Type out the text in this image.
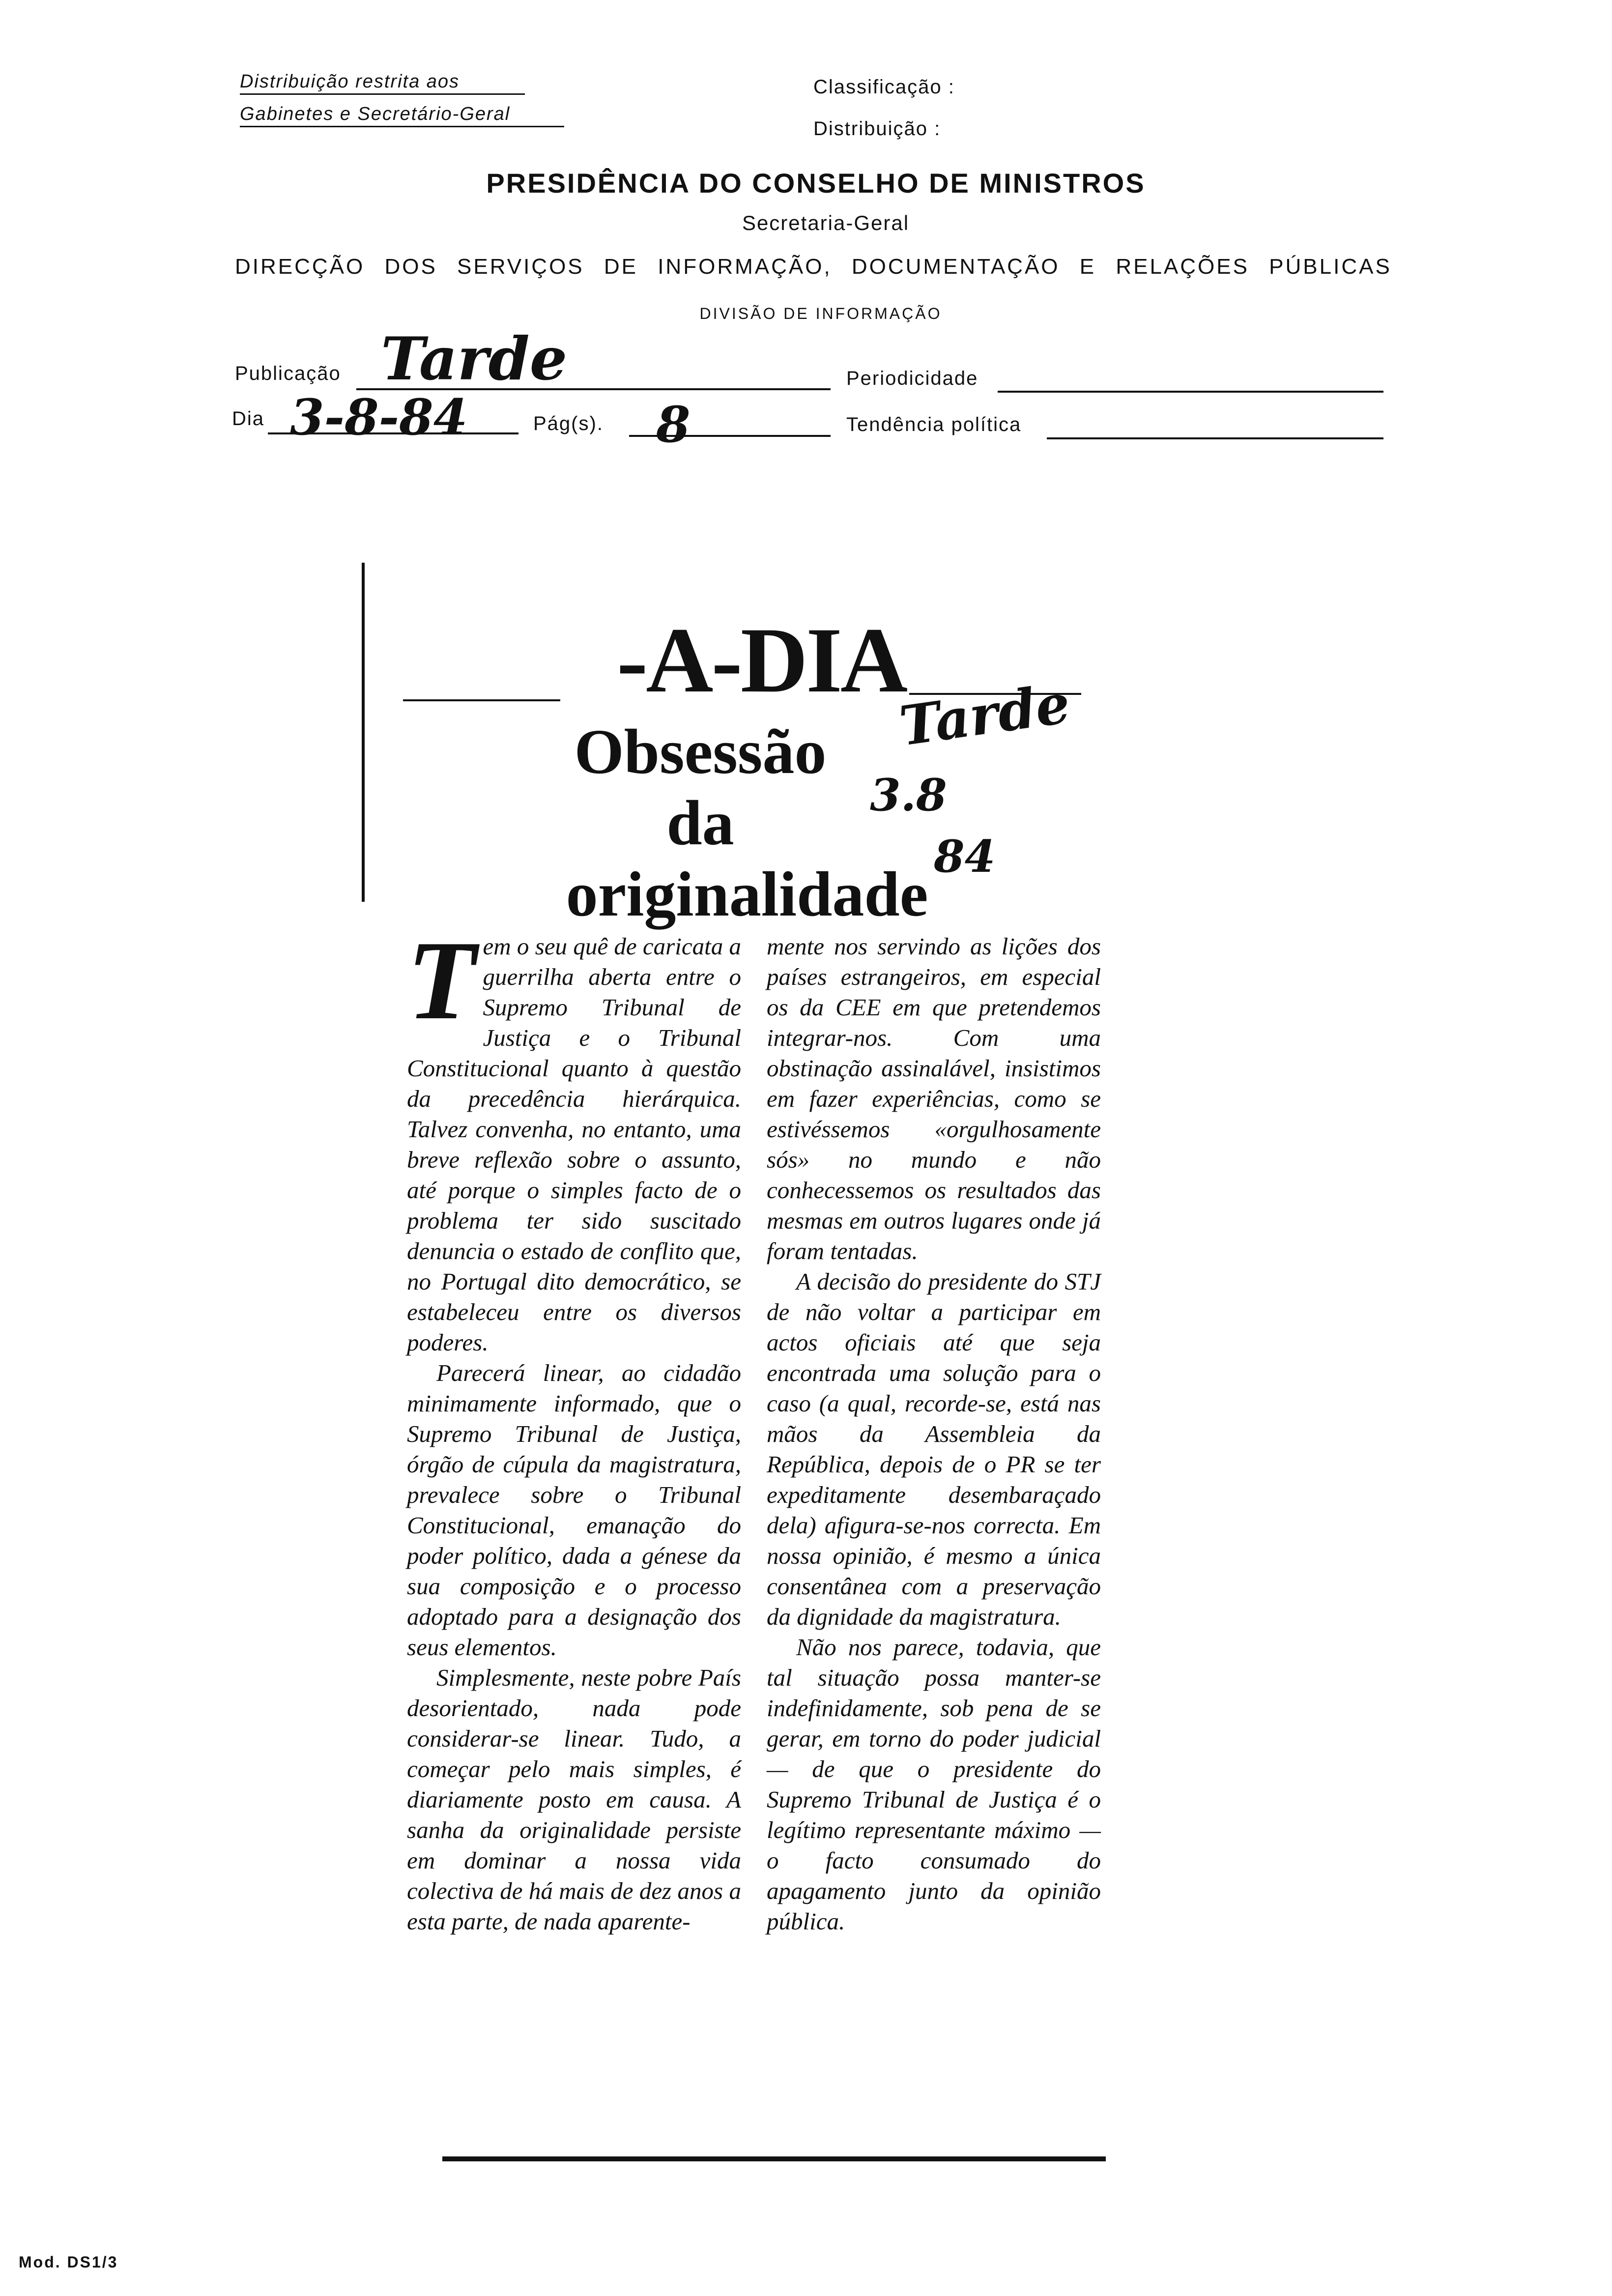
Distribuição restrita aos
Gabinetes e Secretário-Geral
Classificação :
Distribuição :
PRESIDÊNCIA DO CONSELHO DE MINISTROS
Secretaria-Geral
DIRECÇÃO DOS SERVIÇOS DE INFORMAÇÃO, DOCUMENTAÇÃO E RELAÇÕES PÚBLICAS
DIVISÃO DE INFORMAÇÃO
Publicação Tarde	Periodicidade
Dia 3-8-84	Pág(s). 8	Tendência política
-A-DIA
Obsessão
da
originalidade
Tarde
3.8
84

Tem o seu quê de caricata a guerrilha aberta entre o Supremo Tribunal de Justiça e o Tribunal Constitucional quanto à questão da precedência hierárquica. Talvez convenha, no entanto, uma breve reflexão sobre o assunto, até porque o simples facto de o problema ter sido suscitado denuncia o estado de conflito que, no Portugal dito democrático, se estabeleceu entre os diversos poderes.

Parecerá linear, ao cidadão minimamente informado, que o Supremo Tribunal de Justiça, órgão de cúpula da magistratura, prevalece sobre o Tribunal Constitucional, emanação do poder político, dada a génese da sua composição e o processo adoptado para a designação dos seus elementos.

Simplesmente, neste pobre País desorientado, nada pode considerar-se linear. Tudo, a começar pelo mais simples, é diariamente posto em causa. A sanha da originalidade persiste em dominar a nossa vida colectiva de há mais de dez anos a esta parte, de nada aparente-

mente nos servindo as lições dos países estrangeiros, em especial os da CEE em que pretendemos integrar-nos. Com uma obstinação assinalável, insistimos em fazer experiências, como se estivéssemos «orgulhosamente sós» no mundo e não conhecessemos os resultados das mesmas em outros lugares onde já foram tentadas.

A decisão do presidente do STJ de não voltar a participar em actos oficiais até que seja encontrada uma solução para o caso (a qual, recorde-se, está nas mãos da Assembleia da República, depois de o PR se ter expeditamente desembaraçado dela) afigura-se-nos correcta. Em nossa opinião, é mesmo a única consentânea com a preservação da dignidade da magistratura.

Não nos parece, todavia, que tal situação possa manter-se indefinidamente, sob pena de se gerar, em torno do poder judicial — de que o presidente do Supremo Tribunal de Justiça é o legítimo representante máximo — o facto consumado do apagamento junto da opinião pública.

Mod. DS1/3
